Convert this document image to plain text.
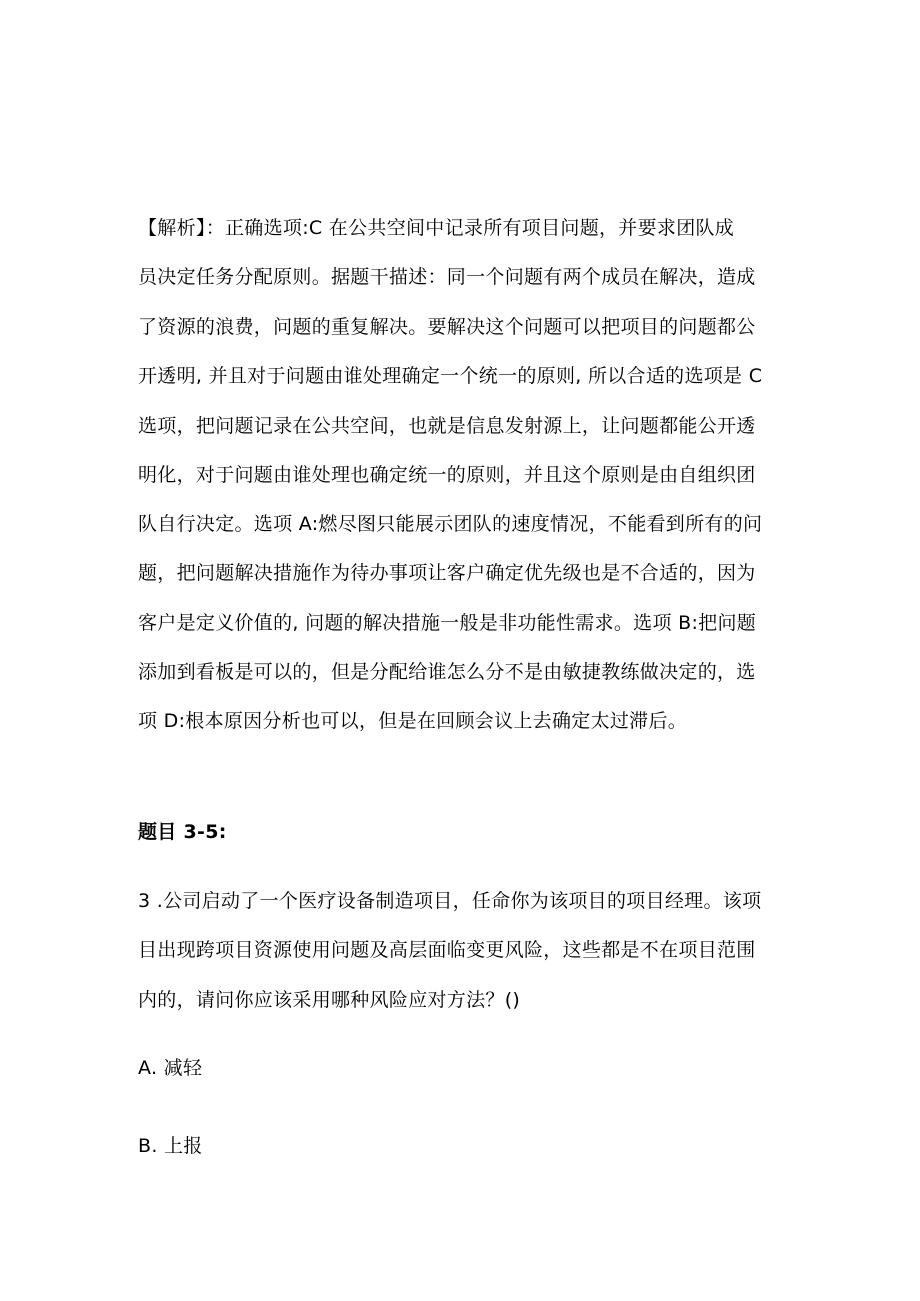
【解析】：正确选项:C 在公共空间中记录所有项目问题，并要求团队成
员决定任务分配原则。据题干描述：同一个问题有两个成员在解决，造成
了资源的浪费，问题的重复解决。要解决这个问题可以把项目的问题都公
开透明, 并且对于问题由谁处理确定一个统一的原则, 所以合适的选项是 C
选项，把问题记录在公共空间，也就是信息发射源上，让问题都能公开透
明化，对于问题由谁处理也确定统一的原则，并且这个原则是由自组织团
队自行决定。选项 A:燃尽图只能展示团队的速度情况，不能看到所有的问
题，把问题解决措施作为待办事项让客户确定优先级也是不合适的，因为
客户是定义价值的, 问题的解决措施一般是非功能性需求。选项 B:把问题
添加到看板是可以的，但是分配给谁怎么分不是由敏捷教练做决定的，选
项 D:根本原因分析也可以，但是在回顾会议上去确定太过滞后。
题目 3-5:
3 .公司启动了一个医疗设备制造项目，任命你为该项目的项目经理。该项
目出现跨项目资源使用问题及高层面临变更风险，这些都是不在项目范围
内的，请问你应该采用哪种风险应对方法？()
A. 减轻
B. 上报
